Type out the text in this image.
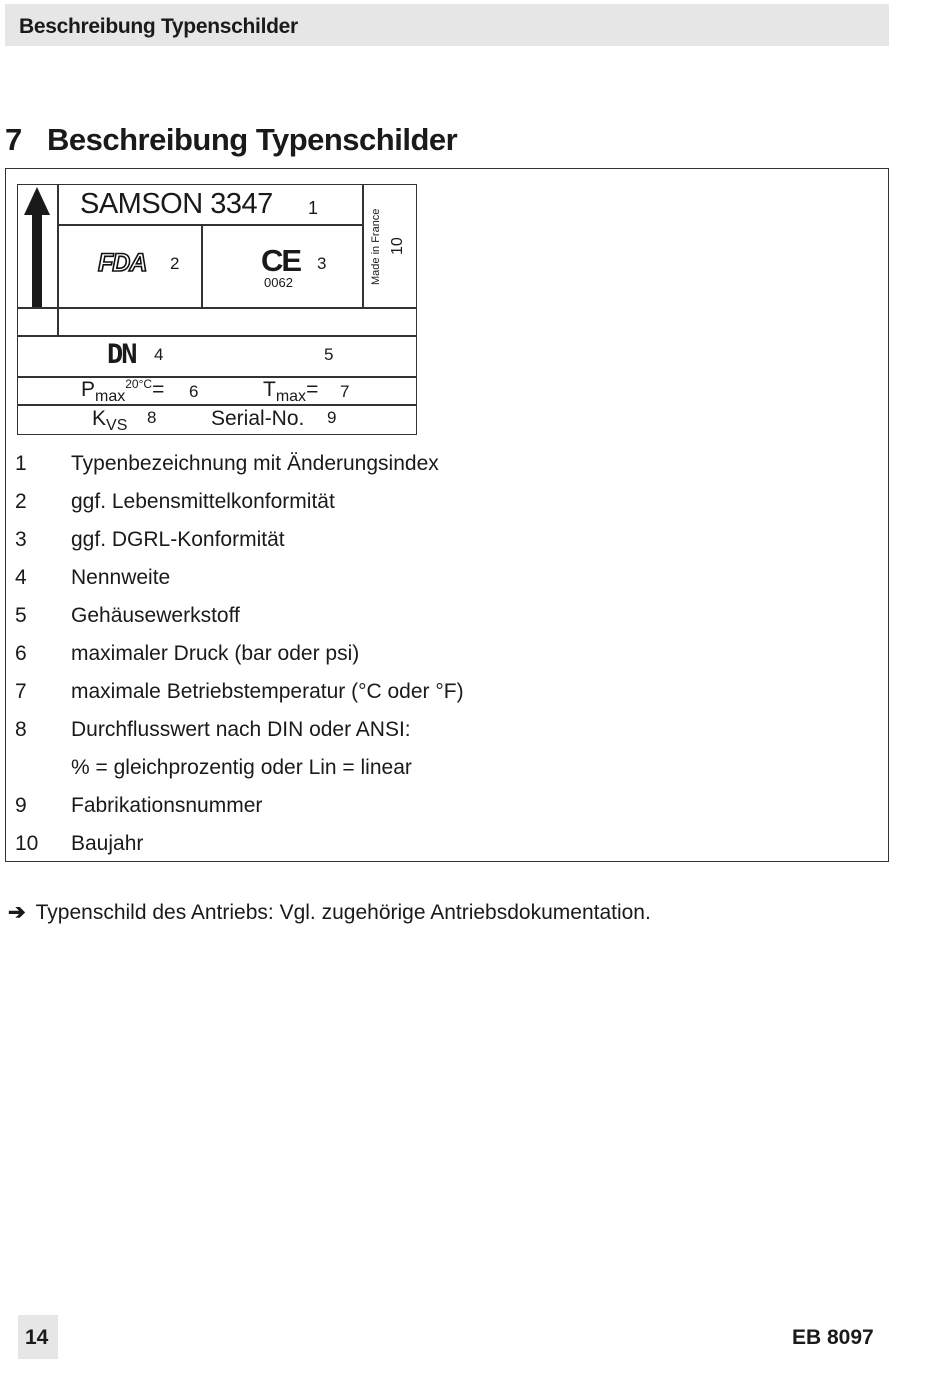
Beschreibung Typenschilder
7 Beschreibung Typenschilder
SAMSON 3347 1
FDA 2	CE 3
0062	Made in France 10
DN 4	5
$P_{max}^{20^\circ C}= 6$	$T_{max}= 7$
$K_{VS}$ 8	Serial-No. 9
1	Typenbezeichnung mit Änderungsindex
2	ggf. Lebensmittelkonformität
3	ggf. DGRL-Konformität
4	Nennweite
5	Gehäusewerkstoff
6	maximaler Druck (bar oder psi)
7	maximale Betriebstemperatur (°C oder °F)
8	Durchflusswert nach DIN oder ANSI:
% = gleichprozentig oder Lin = linear
9	Fabrikationsnummer
10	Baujahr
➔ Typenschild des Antriebs: Vgl. zugehörige Antriebsdokumentation.
14	EB 8097
